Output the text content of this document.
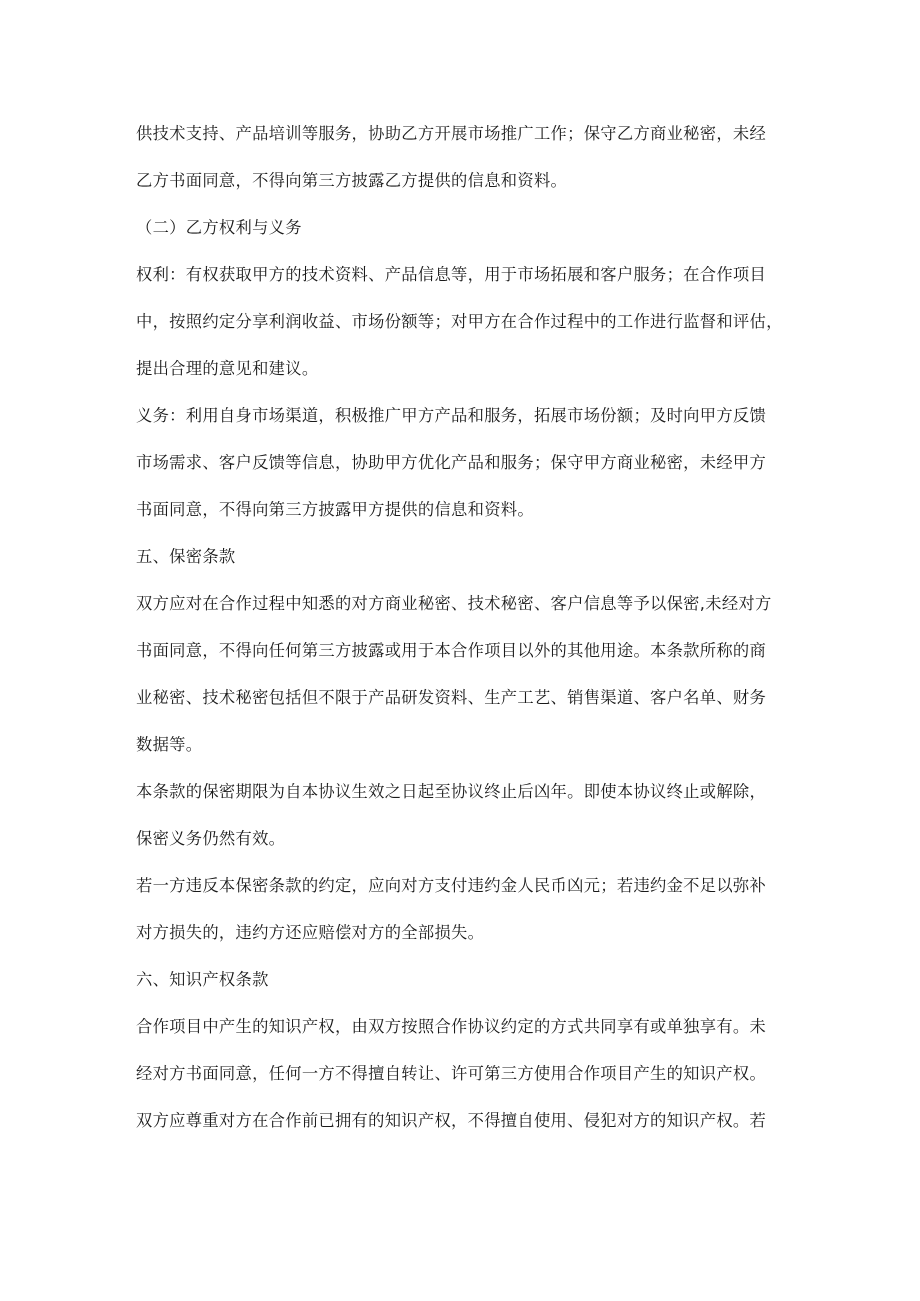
供技术支持、产品培训等服务，协助乙方开展市场推广工作；保守乙方商业秘密，未经
乙方书面同意，不得向第三方披露乙方提供的信息和资料。
（二）乙方权利与义务
权利：有权获取甲方的技术资料、产品信息等，用于市场拓展和客户服务；在合作项目
中，按照约定分享利润收益、市场份额等；对甲方在合作过程中的工作进行监督和评估，
提出合理的意见和建议。
义务：利用自身市场渠道，积极推广甲方产品和服务，拓展市场份额；及时向甲方反馈
市场需求、客户反馈等信息，协助甲方优化产品和服务；保守甲方商业秘密，未经甲方
书面同意，不得向第三方披露甲方提供的信息和资料。
五、保密条款
双方应对在合作过程中知悉的对方商业秘密、技术秘密、客户信息等予以保密,未经对方
书面同意，不得向任何第三方披露或用于本合作项目以外的其他用途。本条款所称的商
业秘密、技术秘密包括但不限于产品研发资料、生产工艺、销售渠道、客户名单、财务
数据等。
本条款的保密期限为自本协议生效之日起至协议终止后凶年。即使本协议终止或解除，
保密义务仍然有效。
若一方违反本保密条款的约定，应向对方支付违约金人民币凶元；若违约金不足以弥补
对方损失的，违约方还应赔偿对方的全部损失。
六、知识产权条款
合作项目中产生的知识产权，由双方按照合作协议约定的方式共同享有或单独享有。未
经对方书面同意，任何一方不得擅自转让、许可第三方使用合作项目产生的知识产权。
双方应尊重对方在合作前已拥有的知识产权，不得擅自使用、侵犯对方的知识产权。若
